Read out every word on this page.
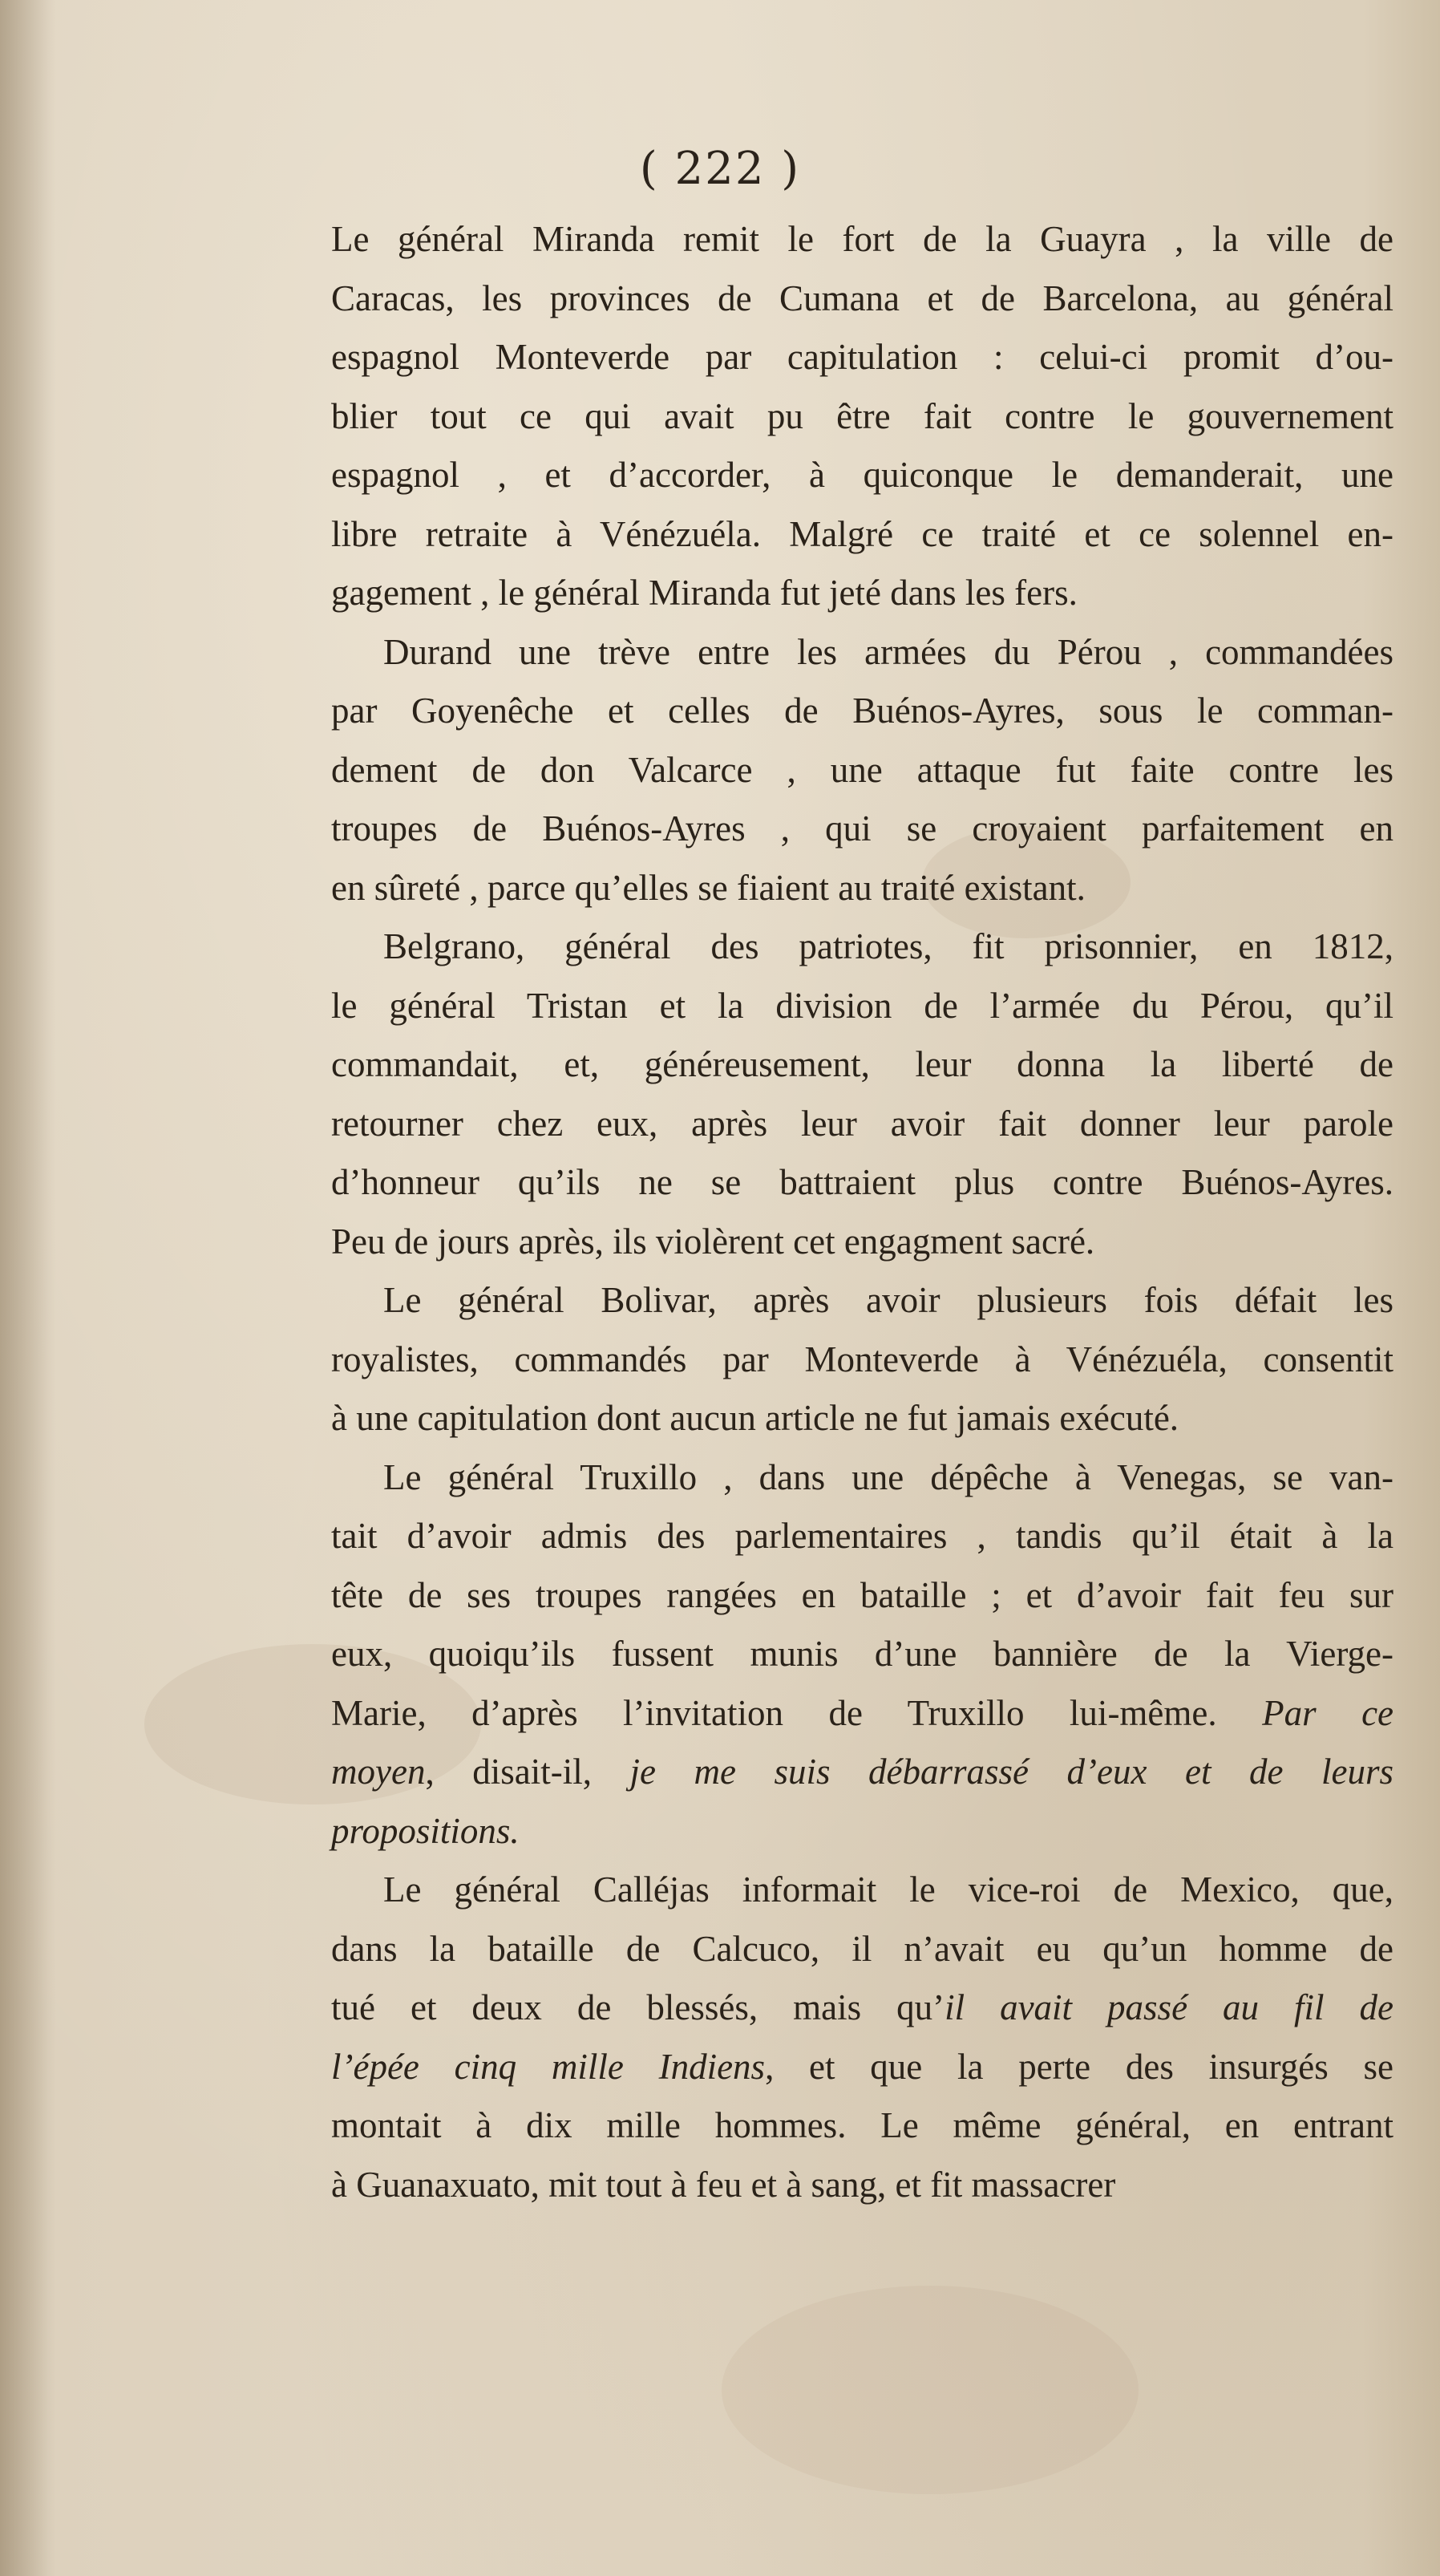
( 222 )

Le général Miranda remit le fort de la Guayra , la ville de
Caracas, les provinces de Cumana et de Barcelona, au général
espagnol Monteverde par capitulation : celui-ci promit d’ou-
blier tout ce qui avait pu être fait contre le gouvernement
espagnol , et d’accorder, à quiconque le demanderait, une
libre retraite à Vénézuéla. Malgré ce traité et ce solennel en-
gagement , le général Miranda fut jeté dans les fers.

Durand une trève entre les armées du Pérou , commandées
par Goyenêche et celles de Buénos-Ayres, sous le comman-
dement de don Valcarce , une attaque fut faite contre les
troupes de Buénos-Ayres , qui se croyaient parfaitement en
en sûreté , parce qu’elles se fiaient au traité existant.

Belgrano, général des patriotes, fit prisonnier, en 1812,
le général Tristan et la division de l’armée du Pérou, qu’il
commandait, et, généreusement, leur donna la liberté de
retourner chez eux, après leur avoir fait donner leur parole
d’honneur qu’ils ne se battraient plus contre Buénos-Ayres.
Peu de jours après, ils violèrent cet engagment sacré.

Le général Bolivar, après avoir plusieurs fois défait les
royalistes, commandés par Monteverde à Vénézuéla, consentit
à une capitulation dont aucun article ne fut jamais exécuté.

Le général Truxillo , dans une dépêche à Venegas, se van-
tait d’avoir admis des parlementaires , tandis qu’il était à la
tête de ses troupes rangées en bataille ; et d’avoir fait feu sur
eux, quoiqu’ils fussent munis d’une bannière de la Vierge-
Marie, d’après l’invitation de Truxillo lui-même. Par ce
moyen, disait-il, je me suis débarrassé d’eux et de leurs
propositions.

Le général Calléjas informait le vice-roi de Mexico, que,
dans la bataille de Calcuco, il n’avait eu qu’un homme de
tué et deux de blessés, mais qu’il avait passé au fil de
l’épée cinq mille Indiens, et que la perte des insurgés se
montait à dix mille hommes. Le même général, en entrant
à Guanaxuato, mit tout à feu et à sang, et fit massacrer
